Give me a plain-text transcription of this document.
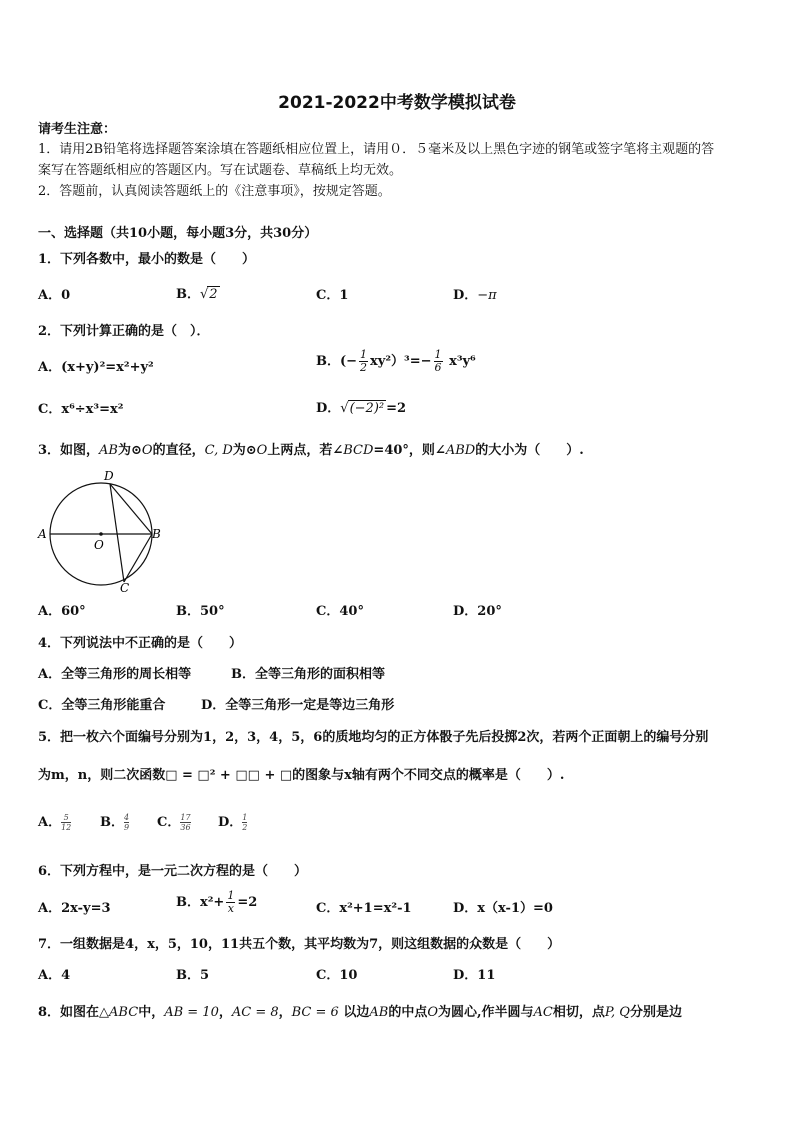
2021-2022中考数学模拟试卷
请考生注意：
1．请用2B铅笔将选择题答案涂填在答题纸相应位置上，请用０．５毫米及以上黑色字迹的钢笔或签字笔将主观题的答
案写在答题纸相应的答题区内。写在试题卷、草稿纸上均无效。
2．答题前，认真阅读答题纸上的《注意事项》，按规定答题。
一、选择题（共10小题，每小题3分，共30分）
1．下列各数中，最小的数是（　　）
A．0	B．√2	C．1	D．−π
2．下列计算正确的是（　）．
A．(x+y)²=x²+y²	B．(− $\frac{1}{2} xy^2)^3=- \frac{1}{6} x^3y^6$
C．x⁶÷x³=x²	D．√(−2)² =2
3．如图，AB为⊙O的直径，C, D为⊙O上两点，若∠BCD=40°，则∠ABD的大小为（　　）.
A	B
C
D
O
A．60°	B．50°	C．40°	D．20°
4．下列说法中不正确的是（　　）
A．全等三角形的周长相等	B．全等三角形的面积相等
C．全等三角形能重合	D．全等三角形一定是等边三角形
5．把一枚六个面编号分别为1，2，3，4，5，6的质地均匀的正方体骰子先后投掷2次，若两个正面朝上的编号分别
为m，n，则二次函数□ = □² + □□ + □的图象与x轴有两个不同交点的概率是（　　）.
A． $\frac{5}{12}$ B． $\frac{4}{9}$ C． $\frac{17}{36}$ D． $\frac{1}{2}$
6．下列方程中，是一元二次方程的是（　　）
A．2x-y=3	B．$x^2+ \frac{1}{x} =2$	C．x²+1=x²-1	D．x（x-1）=0
7．一组数据是4，x，5，10，11共五个数，其平均数为7，则这组数据的众数是（　　）
A．4	B．5	C．10	D．11
8．如图在△ABC中，AB = 10，AC = 8，BC = 6 以边AB的中点O为圆心,作半圆与AC相切，点P, Q分别是边
